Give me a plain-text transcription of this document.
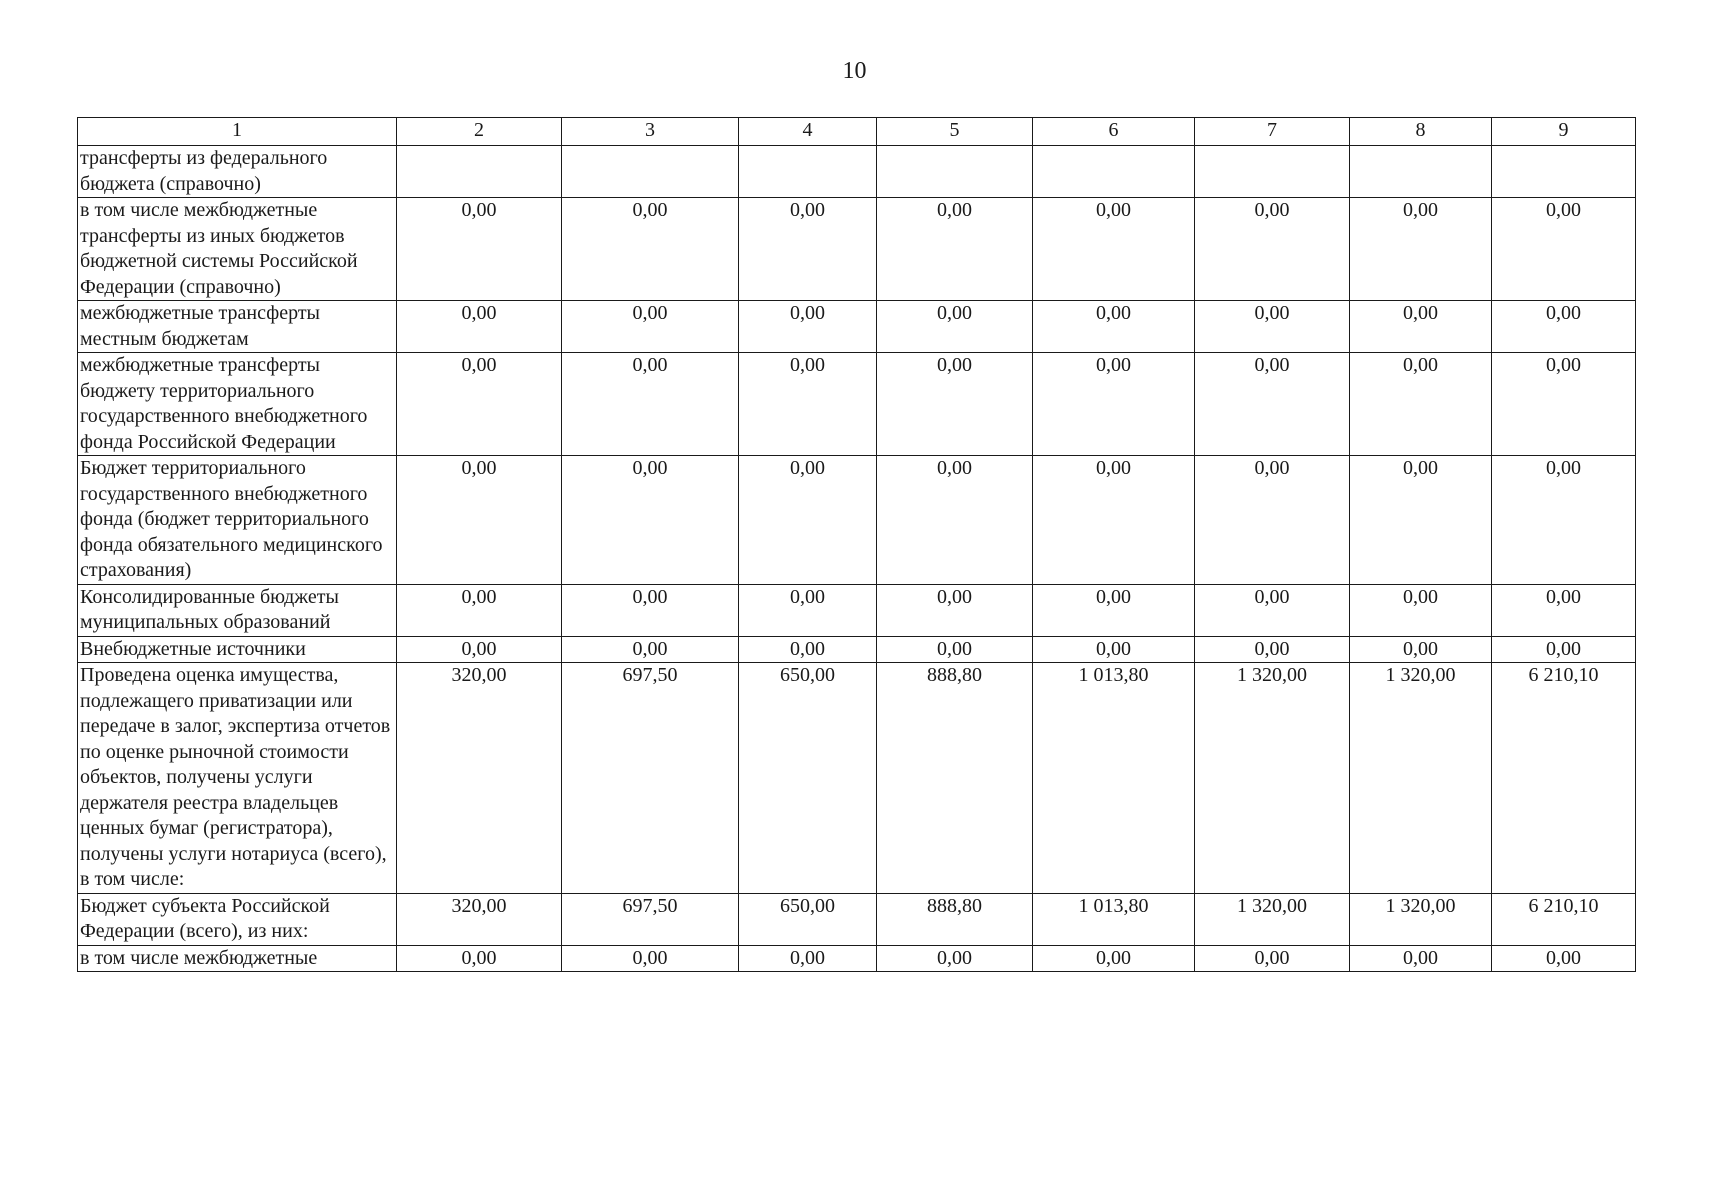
10
1	2	3	4	5	6	7	8	9
трансферты из федерального бюджета (справочно)								
в том числе межбюджетные трансферты из иных бюджетов бюджетной системы Российской Федерации (справочно)	0,00	0,00	0,00	0,00	0,00	0,00	0,00	0,00
межбюджетные трансферты местным бюджетам	0,00	0,00	0,00	0,00	0,00	0,00	0,00	0,00
межбюджетные трансферты бюджету территориального государственного внебюджетного фонда Российской Федерации	0,00	0,00	0,00	0,00	0,00	0,00	0,00	0,00
Бюджет территориального государственного внебюджетного фонда (бюджет территориального фонда обязательного медицинского страхования)	0,00	0,00	0,00	0,00	0,00	0,00	0,00	0,00
Консолидированные бюджеты муниципальных образований	0,00	0,00	0,00	0,00	0,00	0,00	0,00	0,00
Внебюджетные источники	0,00	0,00	0,00	0,00	0,00	0,00	0,00	0,00
Проведена оценка имущества, подлежащего приватизации или передаче в залог, экспертиза отчетов по оценке рыночной стоимости объектов, получены услуги держателя реестра владельцев ценных бумаг (регистратора), получены услуги нотариуса (всего), в том числе:	320,00	697,50	650,00	888,80	1 013,80	1 320,00	1 320,00	6 210,10
Бюджет субъекта Российской Федерации (всего), из них:	320,00	697,50	650,00	888,80	1 013,80	1 320,00	1 320,00	6 210,10
в том числе межбюджетные	0,00	0,00	0,00	0,00	0,00	0,00	0,00	0,00
